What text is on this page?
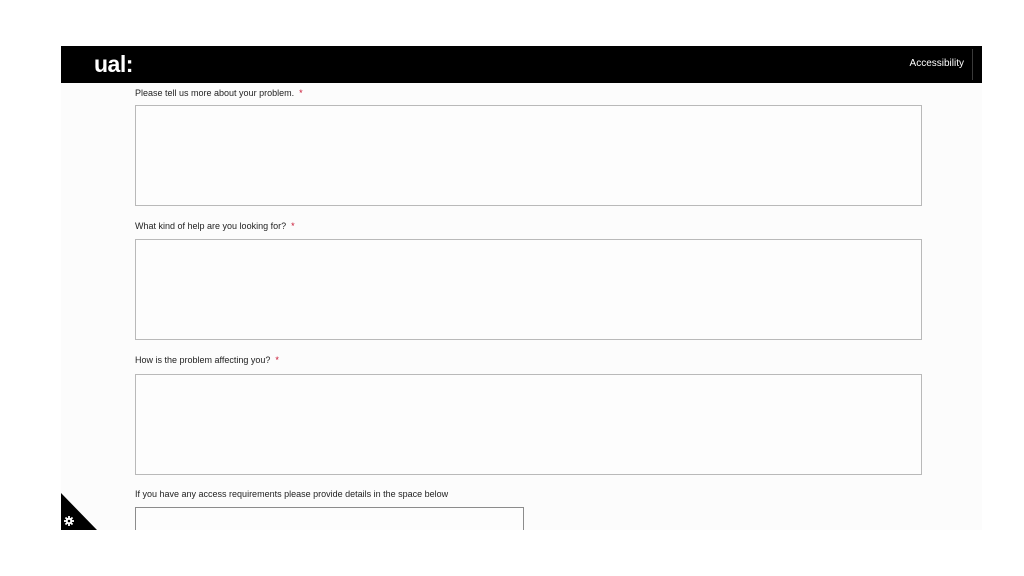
ual:	Accessibility
Please tell us more about your problem. *
What kind of help are you looking for? *
How is the problem affecting you? *
If you have any access requirements please provide details in the space below
